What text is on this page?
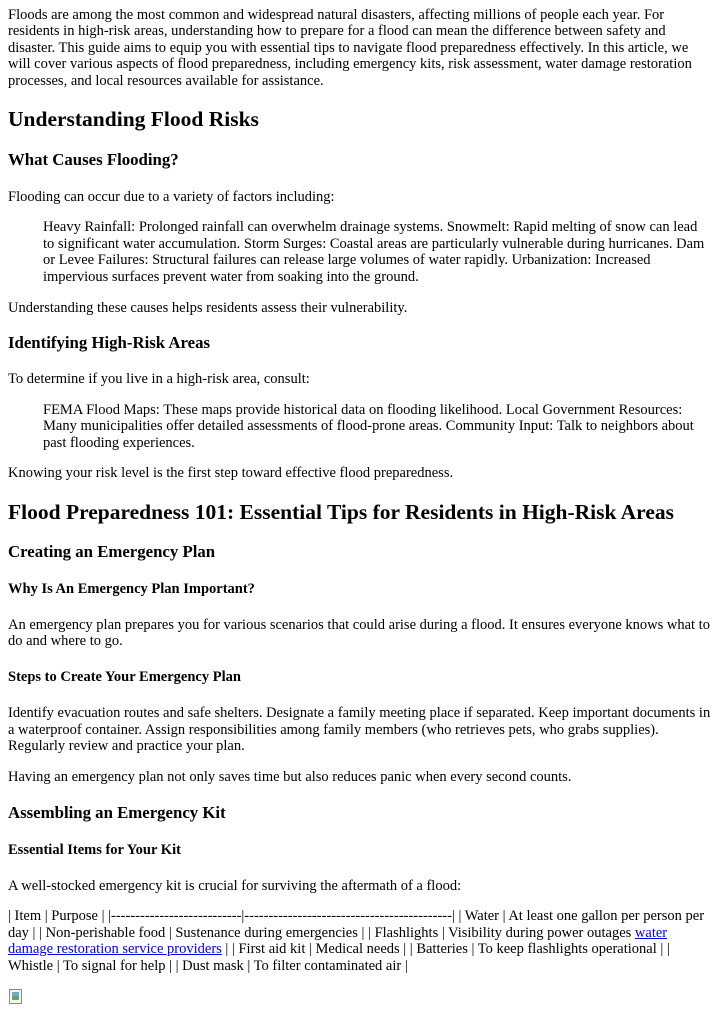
Floods are among the most common and widespread natural disasters, affecting millions of people each year. For residents in high-risk areas, understanding how to prepare for a flood can mean the difference between safety and disaster. This guide aims to equip you with essential tips to navigate flood preparedness effectively. In this article, we will cover various aspects of flood preparedness, including emergency kits, risk assessment, water damage restoration processes, and local resources available for assistance.

Understanding Flood Risks
What Causes Flooding?

Flooding can occur due to a variety of factors including:

Heavy Rainfall: Prolonged rainfall can overwhelm drainage systems. Snowmelt: Rapid melting of snow can lead to significant water accumulation. Storm Surges: Coastal areas are particularly vulnerable during hurricanes. Dam or Levee Failures: Structural failures can release large volumes of water rapidly. Urbanization: Increased impervious surfaces prevent water from soaking into the ground.

Understanding these causes helps residents assess their vulnerability.

Identifying High-Risk Areas

To determine if you live in a high-risk area, consult:

FEMA Flood Maps: These maps provide historical data on flooding likelihood. Local Government Resources: Many municipalities offer detailed assessments of flood-prone areas. Community Input: Talk to neighbors about past flooding experiences.

Knowing your risk level is the first step toward effective flood preparedness.

Flood Preparedness 101: Essential Tips for Residents in High-Risk Areas
Creating an Emergency Plan
Why Is An Emergency Plan Important?

An emergency plan prepares you for various scenarios that could arise during a flood. It ensures everyone knows what to do and where to go.

Steps to Create Your Emergency Plan

Identify evacuation routes and safe shelters. Designate a family meeting place if separated. Keep important documents in a waterproof container. Assign responsibilities among family members (who retrieves pets, who grabs supplies). Regularly review and practice your plan.

Having an emergency plan not only saves time but also reduces panic when every second counts.

Assembling an Emergency Kit
Essential Items for Your Kit

A well-stocked emergency kit is crucial for surviving the aftermath of a flood:

| Item | Purpose | |---------------------------|-------------------------------------------| | Water | At least one gallon per person per day | | Non-perishable food | Sustenance during emergencies | | Flashlights | Visibility during power outages water damage restoration service providers | | First aid kit | Medical needs | | Batteries | To keep flashlights operational | | Whistle | To signal for help | | Dust mask | To filter contaminated air |
